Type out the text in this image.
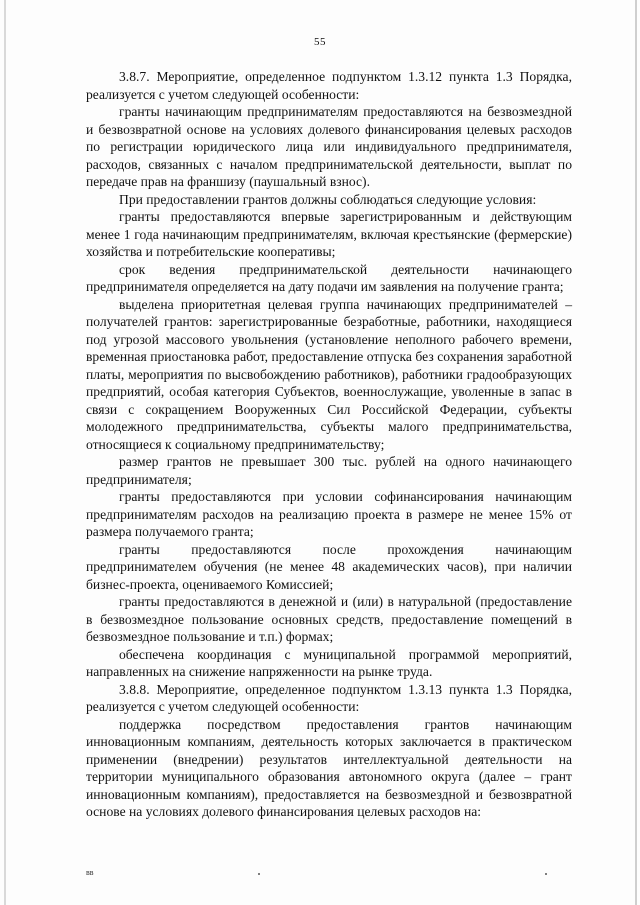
55

3.8.7. Мероприятие, определенное подпунктом 1.3.12 пункта 1.3 Порядка, реализуется с учетом следующей особенности:

гранты начинающим предпринимателям предоставляются на безвозмездной и безвозвратной основе на условиях долевого финансирования целевых расходов по регистрации юридического лица или индивидуального предпринимателя, расходов, связанных с началом предпринимательской деятельности, выплат по передаче прав на франшизу (паушальный взнос).

При предоставлении грантов должны соблюдаться следующие условия:

гранты предоставляются впервые зарегистрированным и действующим менее 1 года начинающим предпринимателям, включая крестьянские (фермерские) хозяйства и потребительские кооперативы;

срок ведения предпринимательской деятельности начинающего предпринимателя определяется на дату подачи им заявления на получение гранта;

выделена приоритетная целевая группа начинающих предпринимателей – получателей грантов: зарегистрированные безработные, работники, находящиеся под угрозой массового увольнения (установление неполного рабочего времени, временная приостановка работ, предоставление отпуска без сохранения заработной платы, мероприятия по высвобождению работников), работники градообразующих предприятий, особая категория Субъектов, военнослужащие, уволенные в запас в связи с сокращением Вооруженных Сил Российской Федерации, субъекты молодежного предпринимательства, субъекты малого предпринимательства, относящиеся к социальному предпринимательству;

размер грантов не превышает 300 тыс. рублей на одного начинающего предпринимателя;

гранты предоставляются при условии софинансирования начинающим предпринимателям расходов на реализацию проекта в размере не менее 15% от размера получаемого гранта;

гранты предоставляются после прохождения начинающим предпринимателем обучения (не менее 48 академических часов), при наличии бизнес-проекта, оцениваемого Комиссией;

гранты предоставляются в денежной и (или) в натуральной (предоставление в безвозмездное пользование основных средств, предоставление помещений в безвозмездное пользование и т.п.) формах;

обеспечена координация с муниципальной программой мероприятий, направленных на снижение напряженности на рынке труда.

3.8.8. Мероприятие, определенное подпунктом 1.3.13 пункта 1.3 Порядка, реализуется с учетом следующей особенности:

поддержка посредством предоставления грантов начинающим инновационным компаниям, деятельность которых заключается в практическом применении (внедрении) результатов интеллектуальной деятельности на территории муниципального образования автономного округа (далее – грант инновационным компаниям), предоставляется на безвозмездной и безвозвратной основе на условиях долевого финансирования целевых расходов на:

вв
